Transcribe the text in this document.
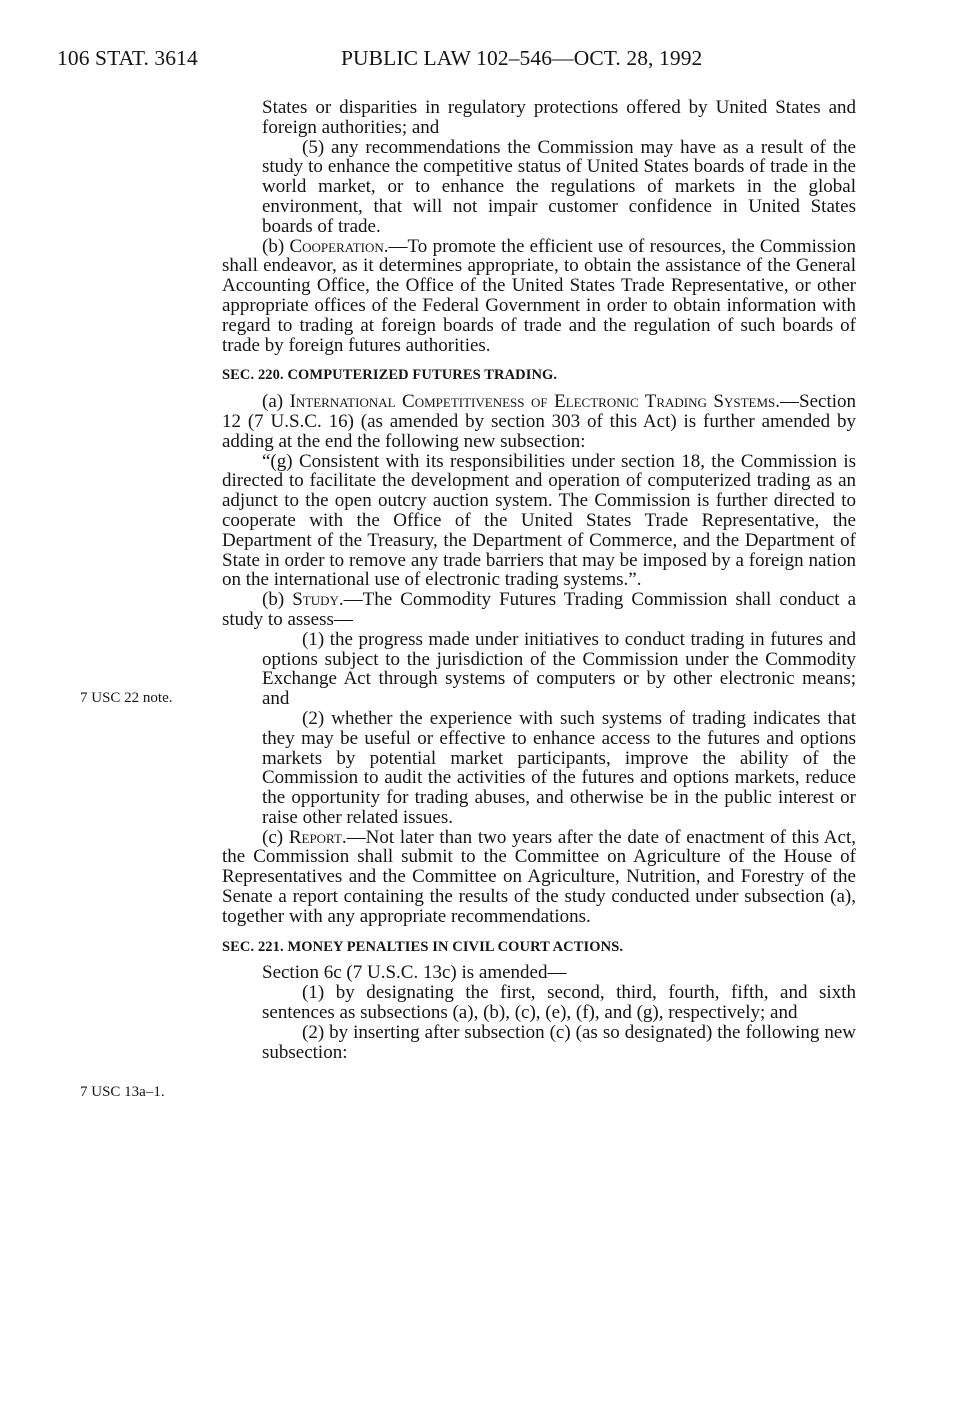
106 STAT. 3614	PUBLIC LAW 102–546—OCT. 28, 1992
7 USC 22 note.
7 USC 13a–1.

States or disparities in regulatory protections offered by United States and foreign authorities; and

(5) any recommendations the Commission may have as a result of the study to enhance the competitive status of United States boards of trade in the world market, or to enhance the regulations of markets in the global environment, that will not impair customer confidence in United States boards of trade.

(b) Cooperation.—To promote the efficient use of resources, the Commission shall endeavor, as it determines appropriate, to obtain the assistance of the General Accounting Office, the Office of the United States Trade Representative, or other appropriate offices of the Federal Government in order to obtain information with regard to trading at foreign boards of trade and the regulation of such boards of trade by foreign futures authorities.

SEC. 220. COMPUTERIZED FUTURES TRADING.

(a) International Competitiveness of Electronic Trading Systems.—Section 12 (7 U.S.C. 16) (as amended by section 303 of this Act) is further amended by adding at the end the following new subsection:

“(g) Consistent with its responsibilities under section 18, the Commission is directed to facilitate the development and operation of computerized trading as an adjunct to the open outcry auction system. The Commission is further directed to cooperate with the Office of the United States Trade Representative, the Department of the Treasury, the Department of Commerce, and the Department of State in order to remove any trade barriers that may be imposed by a foreign nation on the international use of electronic trading systems.”.

(b) Study.—The Commodity Futures Trading Commission shall conduct a study to assess—

(1) the progress made under initiatives to conduct trading in futures and options subject to the jurisdiction of the Commission under the Commodity Exchange Act through systems of computers or by other electronic means; and

(2) whether the experience with such systems of trading indicates that they may be useful or effective to enhance access to the futures and options markets by potential market participants, improve the ability of the Commission to audit the activities of the futures and options markets, reduce the opportunity for trading abuses, and otherwise be in the public interest or raise other related issues.

(c) Report.—Not later than two years after the date of enactment of this Act, the Commission shall submit to the Committee on Agriculture of the House of Representatives and the Committee on Agriculture, Nutrition, and Forestry of the Senate a report containing the results of the study conducted under subsection (a), together with any appropriate recommendations.

SEC. 221. MONEY PENALTIES IN CIVIL COURT ACTIONS.

Section 6c (7 U.S.C. 13c) is amended—

(1) by designating the first, second, third, fourth, fifth, and sixth sentences as subsections (a), (b), (c), (e), (f), and (g), respectively; and

(2) by inserting after subsection (c) (as so designated) the following new subsection:
